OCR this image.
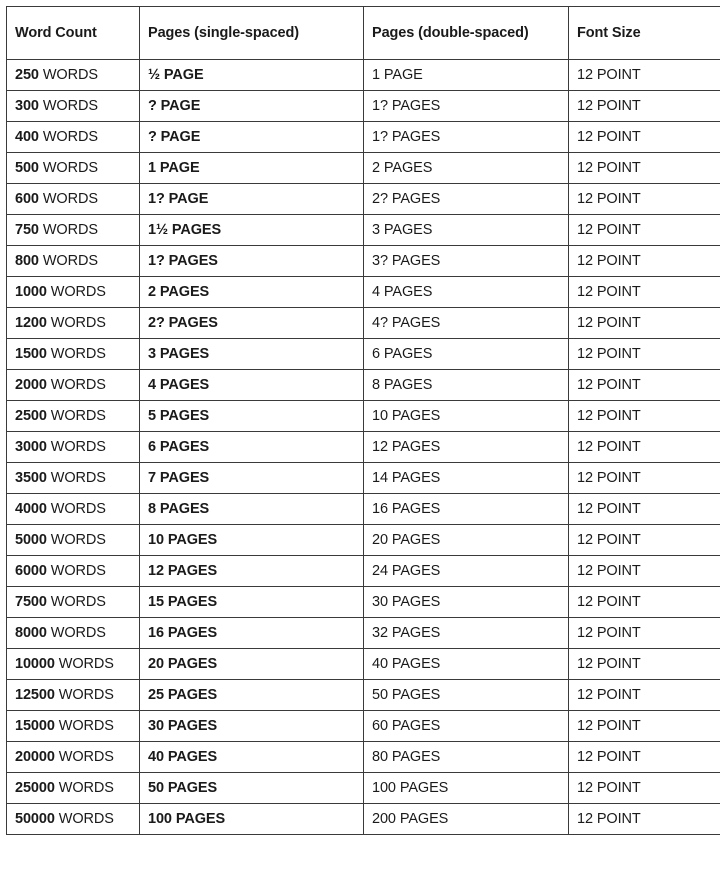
Word Count	Pages (single-spaced)	Pages (double-spaced)	Font Size
250 WORDS	½ PAGE	1 PAGE	12 POINT
300 WORDS	? PAGE	1? PAGES	12 POINT
400 WORDS	? PAGE	1? PAGES	12 POINT
500 WORDS	1 PAGE	2 PAGES	12 POINT
600 WORDS	1? PAGE	2? PAGES	12 POINT
750 WORDS	1½ PAGES	3 PAGES	12 POINT
800 WORDS	1? PAGES	3? PAGES	12 POINT
1000 WORDS	2 PAGES	4 PAGES	12 POINT
1200 WORDS	2? PAGES	4? PAGES	12 POINT
1500 WORDS	3 PAGES	6 PAGES	12 POINT
2000 WORDS	4 PAGES	8 PAGES	12 POINT
2500 WORDS	5 PAGES	10 PAGES	12 POINT
3000 WORDS	6 PAGES	12 PAGES	12 POINT
3500 WORDS	7 PAGES	14 PAGES	12 POINT
4000 WORDS	8 PAGES	16 PAGES	12 POINT
5000 WORDS	10 PAGES	20 PAGES	12 POINT
6000 WORDS	12 PAGES	24 PAGES	12 POINT
7500 WORDS	15 PAGES	30 PAGES	12 POINT
8000 WORDS	16 PAGES	32 PAGES	12 POINT
10000 WORDS	20 PAGES	40 PAGES	12 POINT
12500 WORDS	25 PAGES	50 PAGES	12 POINT
15000 WORDS	30 PAGES	60 PAGES	12 POINT
20000 WORDS	40 PAGES	80 PAGES	12 POINT
25000 WORDS	50 PAGES	100 PAGES	12 POINT
50000 WORDS	100 PAGES	200 PAGES	12 POINT
